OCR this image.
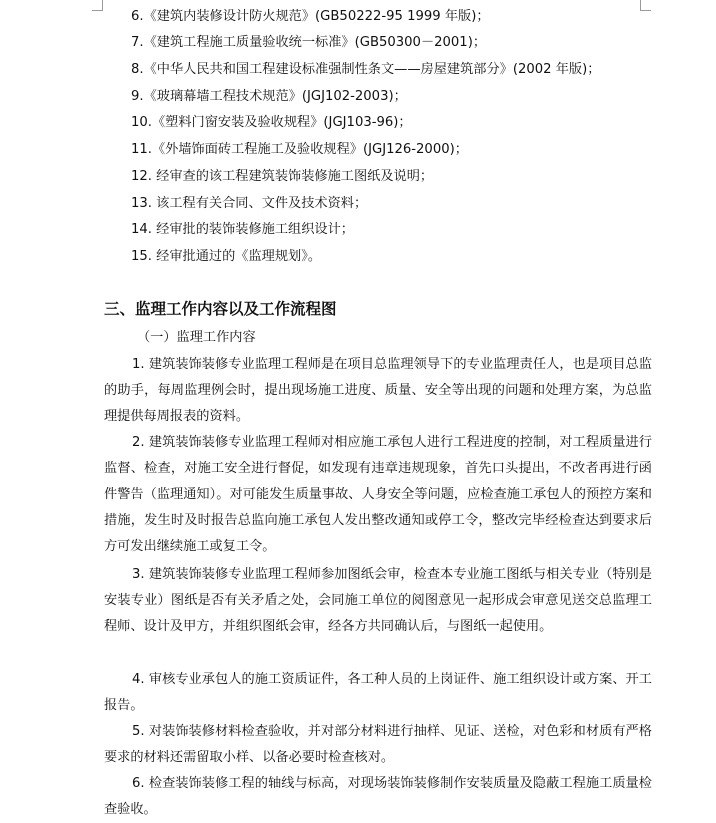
6.《建筑内装修设计防火规范》(GB50222-95 1999 年版)；
7.《建筑工程施工质量验收统一标准》(GB50300－2001)；
8.《中华人民共和国工程建设标准强制性条文——房屋建筑部分》(2002 年版)；
9.《玻璃幕墙工程技术规范》(JGJ102-2003)；
10.《塑料门窗安装及验收规程》(JGJ103-96)；
11.《外墙饰面砖工程施工及验收规程》(JGJ126-2000)；
12. 经审查的该工程建筑装饰装修施工图纸及说明；
13. 该工程有关合同、文件及技术资料；
14. 经审批的装饰装修施工组织设计；
15. 经审批通过的《监理规划》。
三、监理工作内容以及工作流程图
（一）监理工作内容

1. 建筑装饰装修专业监理工程师是在项目总监理领导下的专业监理责任人，也是项目总监的助手，每周监理例会时，提出现场施工进度、质量、安全等出现的问题和处理方案，为总监理提供每周报表的资料。

2. 建筑装饰装修专业监理工程师对相应施工承包人进行工程进度的控制，对工程质量进行监督、检查，对施工安全进行督促，如发现有违章违规现象，首先口头提出，不改者再进行函件警告（监理通知）。对可能发生质量事故、人身安全等问题，应检查施工承包人的预控方案和措施，发生时及时报告总监向施工承包人发出整改通知或停工令，整改完毕经检查达到要求后方可发出继续施工或复工令。

3. 建筑装饰装修专业监理工程师参加图纸会审，检查本专业施工图纸与相关专业（特别是安装专业）图纸是否有关矛盾之处，会同施工单位的阅图意见一起形成会审意见送交总监理工程师、设计及甲方，并组织图纸会审，经各方共同确认后，与图纸一起使用。

4. 审核专业承包人的施工资质证件，各工种人员的上岗证件、施工组织设计或方案、开工报告。

5. 对装饰装修材料检查验收，并对部分材料进行抽样、见证、送检，对色彩和材质有严格要求的材料还需留取小样、以备必要时检查核对。

6. 检查装饰装修工程的轴线与标高，对现场装饰装修制作安装质量及隐蔽工程施工质量检查验收。
